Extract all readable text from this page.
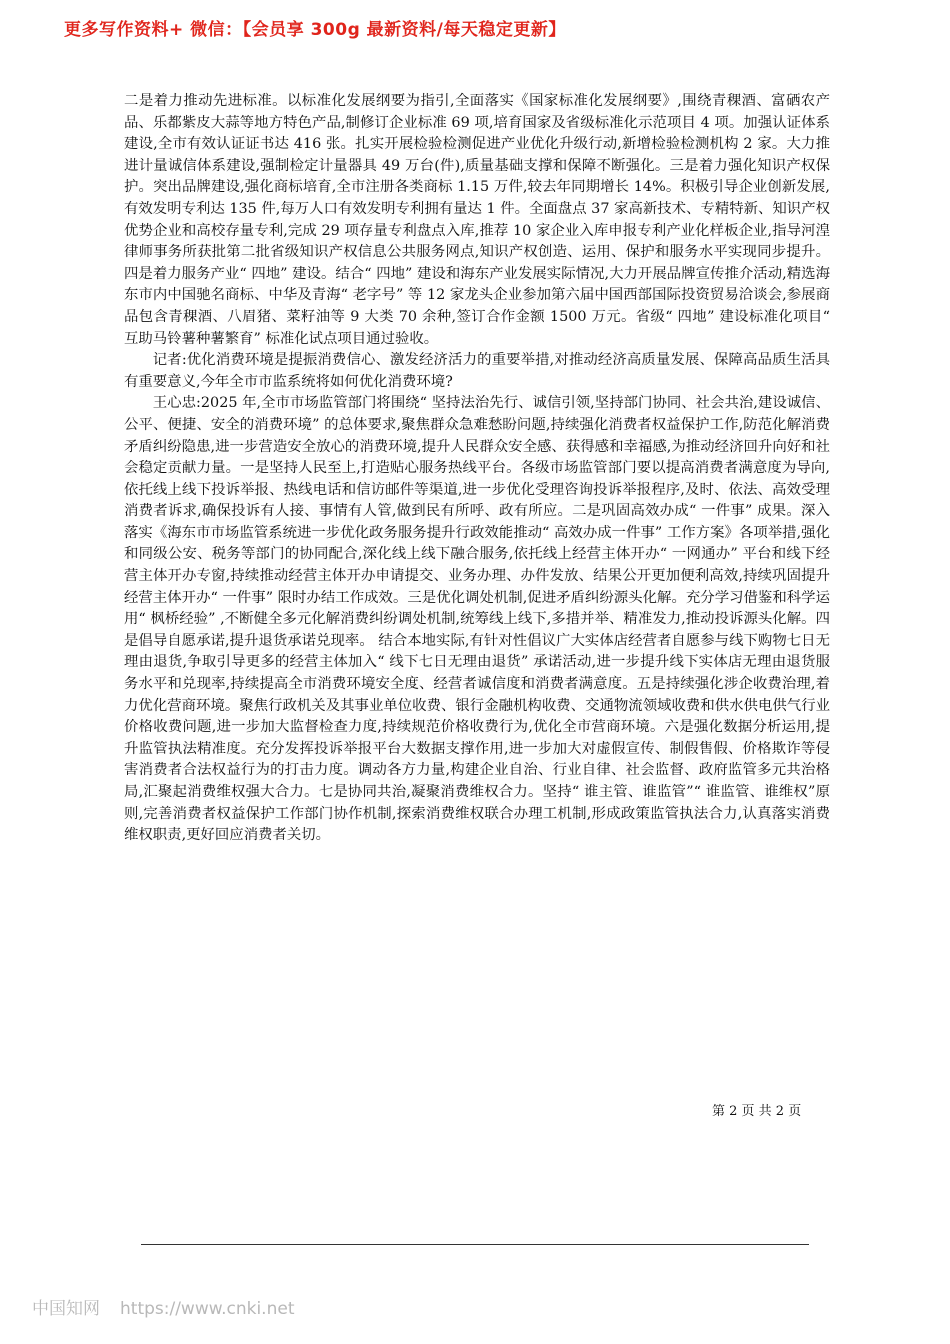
更多写作资料+ 微信：【会员享 300g 最新资料/每天稳定更新】

二是着力推动先进标准。以标准化发展纲要为指引,全面落实《国家标准化发展纲要》,围绕青稞酒、富硒农产品、乐都紫皮大蒜等地方特色产品,制修订企业标准 69 项,培育国家及省级标准化示范项目 4 项。加强认证体系建设,全市有效认证证书达 416 张。扎实开展检验检测促进产业优化升级行动,新增检验检测机构 2 家。大力推进计量诚信体系建设,强制检定计量器具 49 万台(件),质量基础支撑和保障不断强化。三是着力强化知识产权保护。突出品牌建设,强化商标培育,全市注册各类商标 1.15 万件,较去年同期增长 14%。积极引导企业创新发展,有效发明专利达 135 件,每万人口有效发明专利拥有量达 1 件。全面盘点 37 家高新技术、专精特新、知识产权优势企业和高校存量专利,完成 29 项存量专利盘点入库,推荐 10 家企业入库申报专利产业化样板企业,指导河湟律师事务所获批第二批省级知识产权信息公共服务网点,知识产权创造、运用、保护和服务水平实现同步提升。四是着力服务产业“ 四地” 建设。结合“ 四地” 建设和海东产业发展实际情况,大力开展品牌宣传推介活动,精选海东市内中国驰名商标、中华及青海“ 老字号” 等 12 家龙头企业参加第六届中国西部国际投资贸易洽谈会,参展商品包含青稞酒、八眉猪、菜籽油等 9 大类 70 余种,签订合作金额 1500 万元。省级“ 四地” 建设标准化项目“ 互助马铃薯种薯繁育” 标准化试点项目通过验收。

记者:优化消费环境是提振消费信心、激发经济活力的重要举措,对推动经济高质量发展、保障高品质生活具有重要意义,今年全市市监系统将如何优化消费环境?

王心忠:2025 年,全市市场监管部门将围绕“ 坚持法治先行、诚信引领,坚持部门协同、社会共治,建设诚信、公平、便捷、安全的消费环境” 的总体要求,聚焦群众急难愁盼问题,持续强化消费者权益保护工作,防范化解消费矛盾纠纷隐患,进一步营造安全放心的消费环境,提升人民群众安全感、获得感和幸福感,为推动经济回升向好和社会稳定贡献力量。一是坚持人民至上,打造贴心服务热线平台。各级市场监管部门要以提高消费者满意度为导向,依托线上线下投诉举报、热线电话和信访邮件等渠道,进一步优化受理咨询投诉举报程序,及时、依法、高效受理消费者诉求,确保投诉有人接、事情有人管,做到民有所呼、政有所应。二是巩固高效办成“ 一件事” 成果。深入落实《海东市市场监管系统进一步优化政务服务提升行政效能推动“ 高效办成一件事” 工作方案》各项举措,强化和同级公安、税务等部门的协同配合,深化线上线下融合服务,依托线上经营主体开办“ 一网通办” 平台和线下经营主体开办专窗,持续推动经营主体开办申请提交、业务办理、办件发放、结果公开更加便利高效,持续巩固提升经营主体开办“ 一件事” 限时办结工作成效。三是优化调处机制,促进矛盾纠纷源头化解。充分学习借鉴和科学运用“ 枫桥经验” ,不断健全多元化解消费纠纷调处机制,统筹线上线下,多措并举、精准发力,推动投诉源头化解。四是倡导自愿承诺,提升退货承诺兑现率。 结合本地实际,有针对性倡议广大实体店经营者自愿参与线下购物七日无理由退货,争取引导更多的经营主体加入“ 线下七日无理由退货” 承诺活动,进一步提升线下实体店无理由退货服务水平和兑现率,持续提高全市消费环境安全度、经营者诚信度和消费者满意度。五是持续强化涉企收费治理,着力优化营商环境。聚焦行政机关及其事业单位收费、银行金融机构收费、交通物流领域收费和供水供电供气行业价格收费问题,进一步加大监督检查力度,持续规范价格收费行为,优化全市营商环境。六是强化数据分析运用,提升监管执法精准度。充分发挥投诉举报平台大数据支撑作用,进一步加大对虚假宣传、制假售假、价格欺诈等侵害消费者合法权益行为的打击力度。调动各方力量,构建企业自治、行业自律、社会监督、政府监管多元共治格局,汇聚起消费维权强大合力。七是协同共治,凝聚消费维权合力。坚持“ 谁主管、谁监管”“ 谁监管、谁维权”原则,完善消费者权益保护工作部门协作机制,探索消费维权联合办理工机制,形成政策监管执法合力,认真落实消费维权职责,更好回应消费者关切。

第 2 页 共 2 页
中国知网 https://www.cnki.net
